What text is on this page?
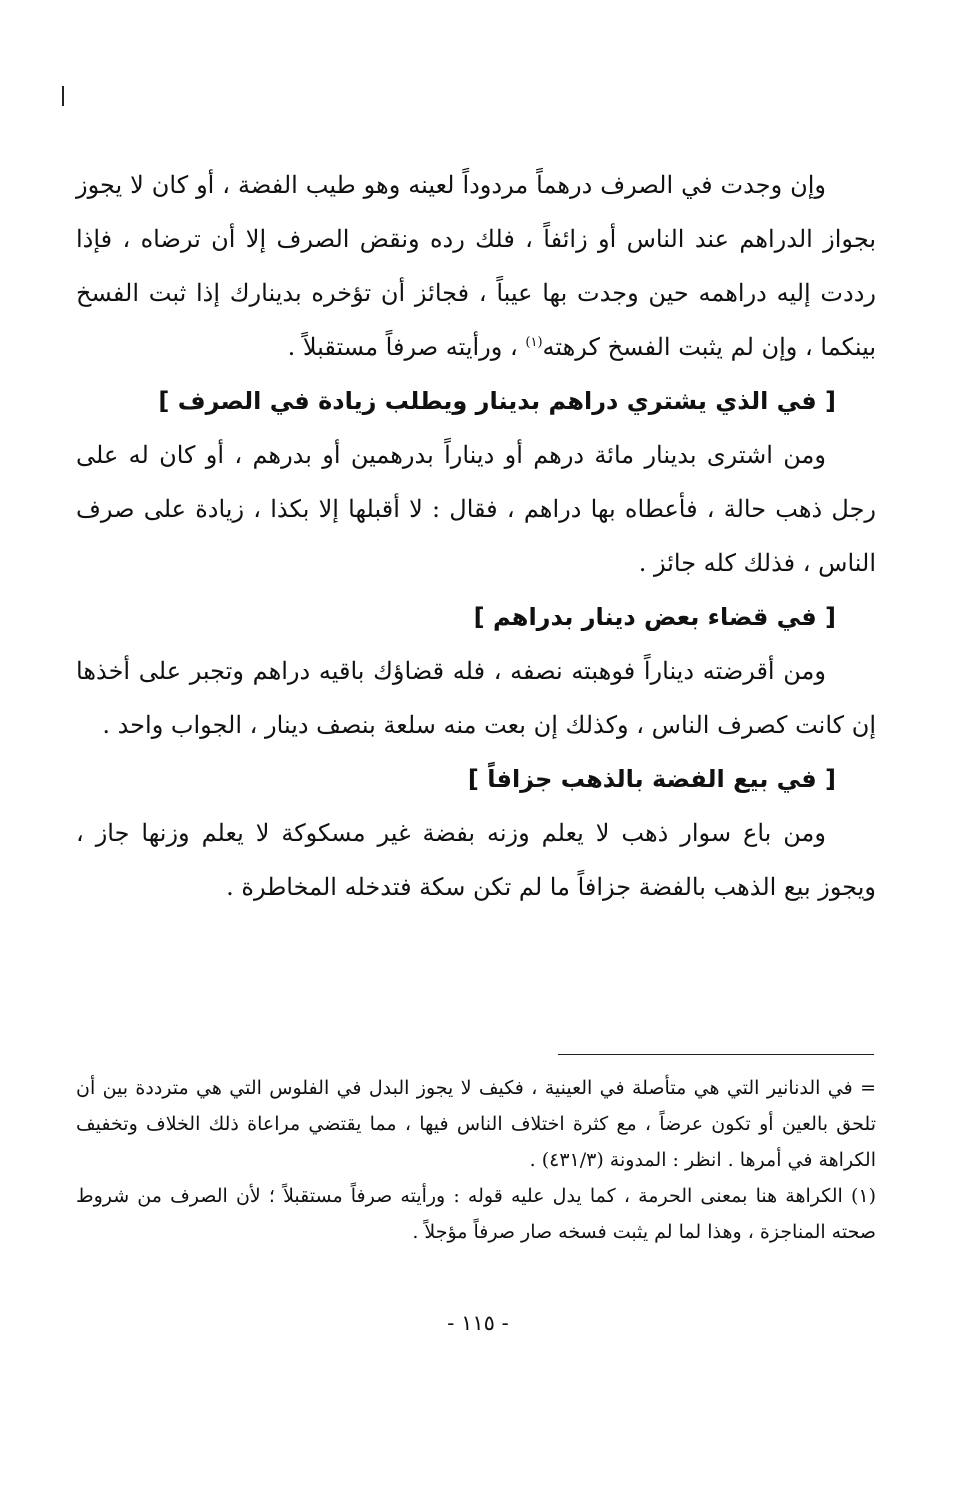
وإن وجدت في الصرف درهماً مردوداً لعينه وهو طيب الفضة ، أو كان لا يجوز بجواز الدراهم عند الناس أو زائفاً ، فلك رده ونقض الصرف إلا أن ترضاه ، فإذا رددت إليه دراهمه حين وجدت بها عيباً ، فجائز أن تؤخره بدينارك إذا ثبت الفسخ بينكما ، وإن لم يثبت الفسخ كرهته$^{(١)}$ ، ورأيته صرفاً مستقبلاً .

[ في الذي يشتري دراهم بدينار ويطلب زيادة في الصرف ]

ومن اشترى بدينار مائة درهم أو ديناراً بدرهمين أو بدرهم ، أو كان له على رجل ذهب حالة ، فأعطاه بها دراهم ، فقال : لا أقبلها إلا بكذا ، زيادة على صرف الناس ، فذلك كله جائز .

[ في قضاء بعض دينار بدراهم ]

ومن أقرضته ديناراً فوهبته نصفه ، فله قضاؤك باقيه دراهم وتجبر على أخذها إن كانت كصرف الناس ، وكذلك إن بعت منه سلعة بنصف دينار ، الجواب واحد .

[ في بيع الفضة بالذهب جزافاً ]

ومن باع سوار ذهب لا يعلم وزنه بفضة غير مسكوكة لا يعلم وزنها جاز ، ويجوز بيع الذهب بالفضة جزافاً ما لم تكن سكة فتدخله المخاطرة .

= في الدنانير التي هي متأصلة في العينية ، فكيف لا يجوز البدل في الفلوس التي هي مترددة بين أن تلحق بالعين أو تكون عرضاً ، مع كثرة اختلاف الناس فيها ، مما يقتضي مراعاة ذلك الخلاف وتخفيف الكراهة في أمرها . انظر : المدونة (٤٣١/٣) .

(١) الكراهة هنا بمعنى الحرمة ، كما يدل عليه قوله : ورأيته صرفاً مستقبلاً ؛ لأن الصرف من شروط صحته المناجزة ، وهذا لما لم يثبت فسخه صار صرفاً مؤجلاً .

- ١١٥ -
